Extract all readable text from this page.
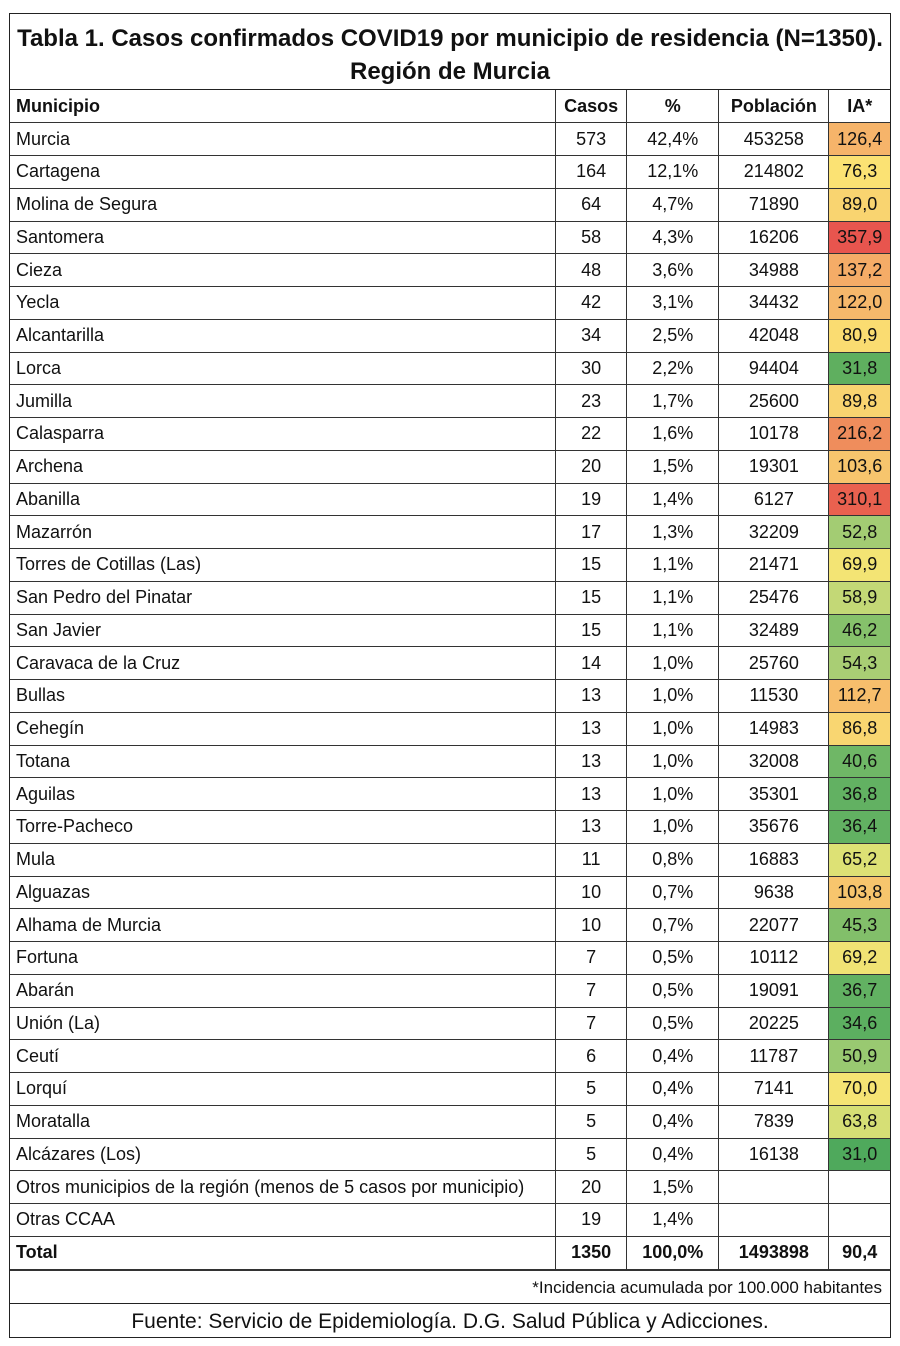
Tabla 1. Casos confirmados COVID19 por municipio de residencia (N=1350).
Región de Murcia
Municipio	Casos	%	Población	IA*
Murcia	573	42,4%	453258	126,4
Cartagena	164	12,1%	214802	76,3
Molina de Segura	64	4,7%	71890	89,0
Santomera	58	4,3%	16206	357,9
Cieza	48	3,6%	34988	137,2
Yecla	42	3,1%	34432	122,0
Alcantarilla	34	2,5%	42048	80,9
Lorca	30	2,2%	94404	31,8
Jumilla	23	1,7%	25600	89,8
Calasparra	22	1,6%	10178	216,2
Archena	20	1,5%	19301	103,6
Abanilla	19	1,4%	6127	310,1
Mazarrón	17	1,3%	32209	52,8
Torres de Cotillas (Las)	15	1,1%	21471	69,9
San Pedro del Pinatar	15	1,1%	25476	58,9
San Javier	15	1,1%	32489	46,2
Caravaca de la Cruz	14	1,0%	25760	54,3
Bullas	13	1,0%	11530	112,7
Cehegín	13	1,0%	14983	86,8
Totana	13	1,0%	32008	40,6
Aguilas	13	1,0%	35301	36,8
Torre-Pacheco	13	1,0%	35676	36,4
Mula	11	0,8%	16883	65,2
Alguazas	10	0,7%	9638	103,8
Alhama de Murcia	10	0,7%	22077	45,3
Fortuna	7	0,5%	10112	69,2
Abarán	7	0,5%	19091	36,7
Unión (La)	7	0,5%	20225	34,6
Ceutí	6	0,4%	11787	50,9
Lorquí	5	0,4%	7141	70,0
Moratalla	5	0,4%	7839	63,8
Alcázares (Los)	5	0,4%	16138	31,0
Otros municipios de la región (menos de 5 casos por municipio)	20	1,5%		
Otras CCAA	19	1,4%		
Total	1350	100,0%	1493898	90,4
*Incidencia acumulada por 100.000 habitantes
Fuente: Servicio de Epidemiología. D.G. Salud Pública y Adicciones.
